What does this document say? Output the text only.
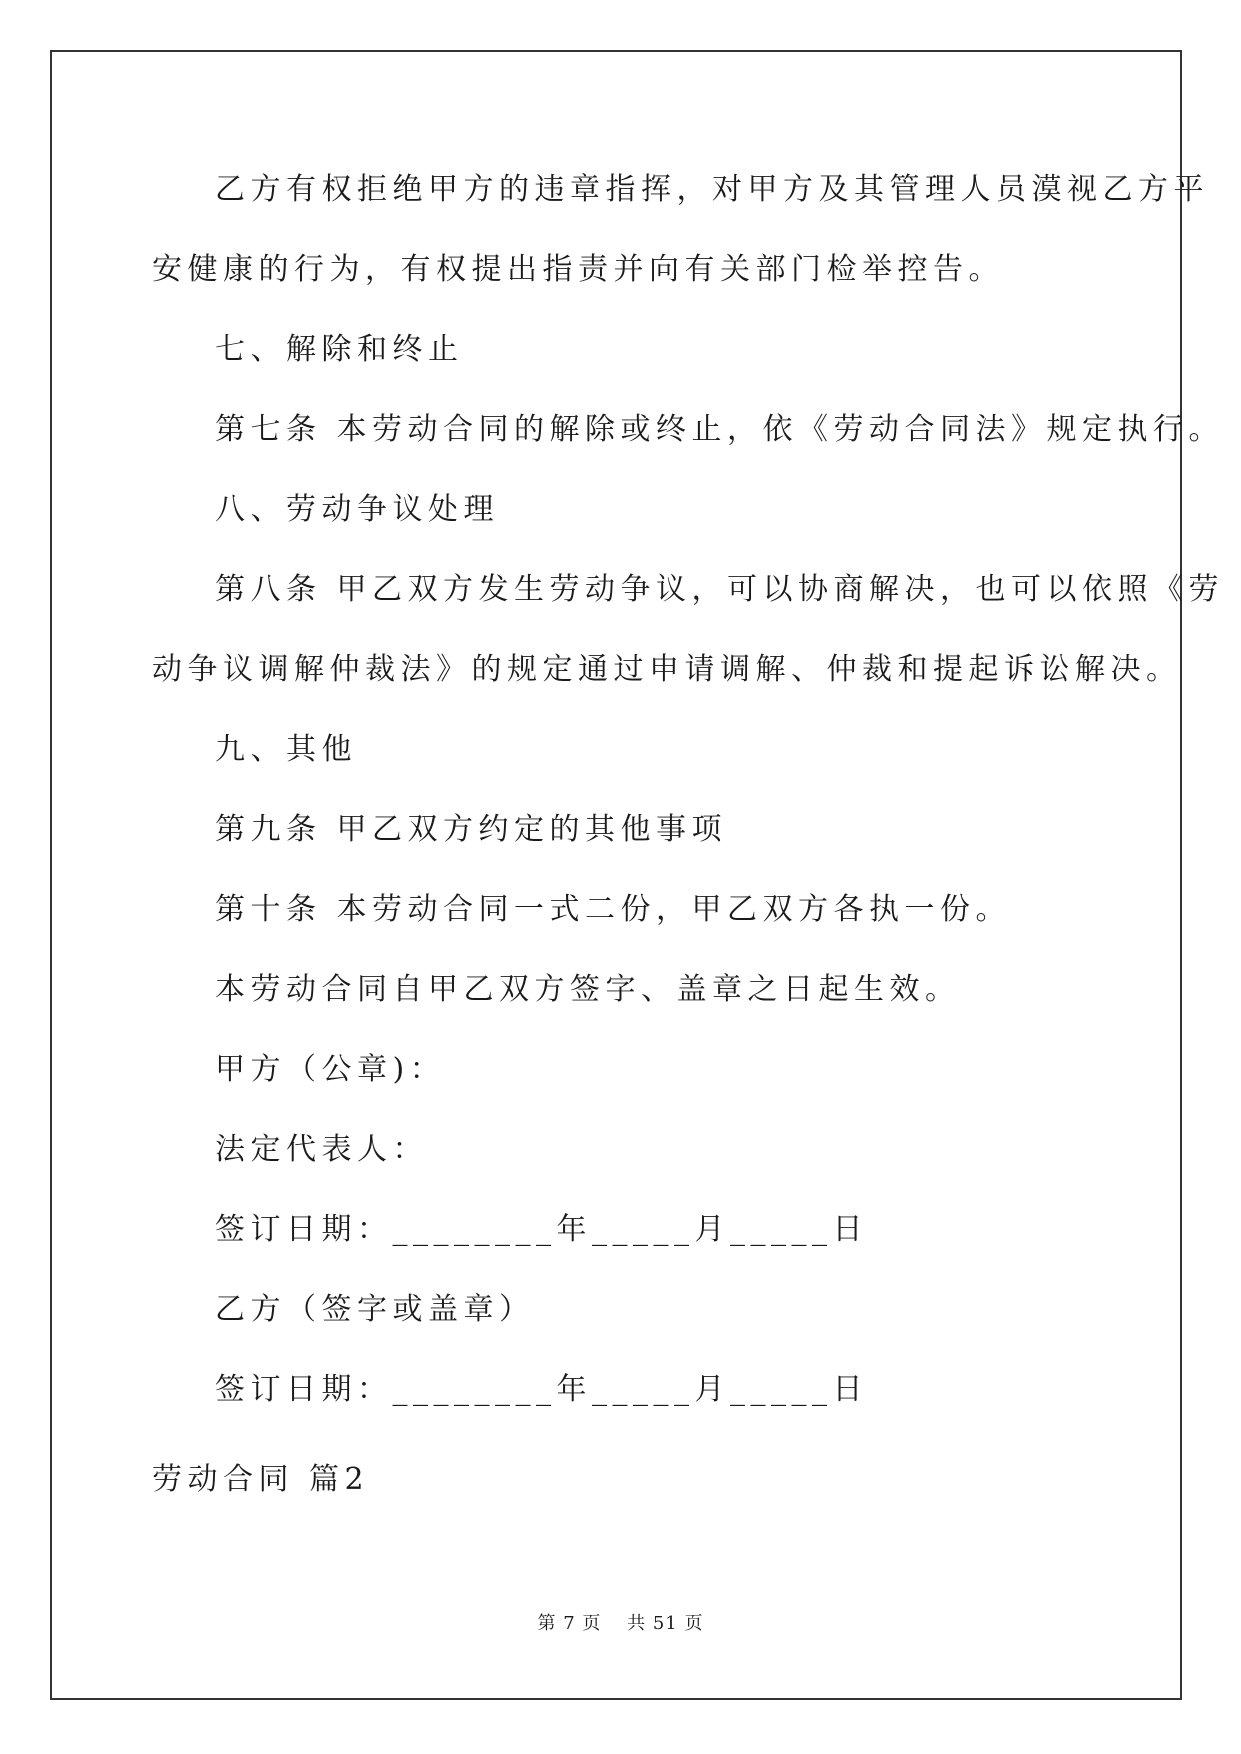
乙方有权拒绝甲方的违章指挥，对甲方及其管理人员漠视乙方平
安健康的行为，有权提出指责并向有关部门检举控告。
七、解除和终止
第七条 本劳动合同的解除或终止，依《劳动合同法》规定执行。
八、劳动争议处理
第八条 甲乙双方发生劳动争议，可以协商解决，也可以依照《劳
动争议调解仲裁法》的规定通过申请调解、仲裁和提起诉讼解决。
九、其他
第九条 甲乙双方约定的其他事项
第十条 本劳动合同一式二份，甲乙双方各执一份。
本劳动合同自甲乙双方签字、盖章之日起生效。
甲方（公章)：
法定代表人：
签订日期：________年_____月_____日
乙方（签字或盖章）
签订日期：________年_____月_____日
劳动合同 篇2
第 7 页　 共 51 页
